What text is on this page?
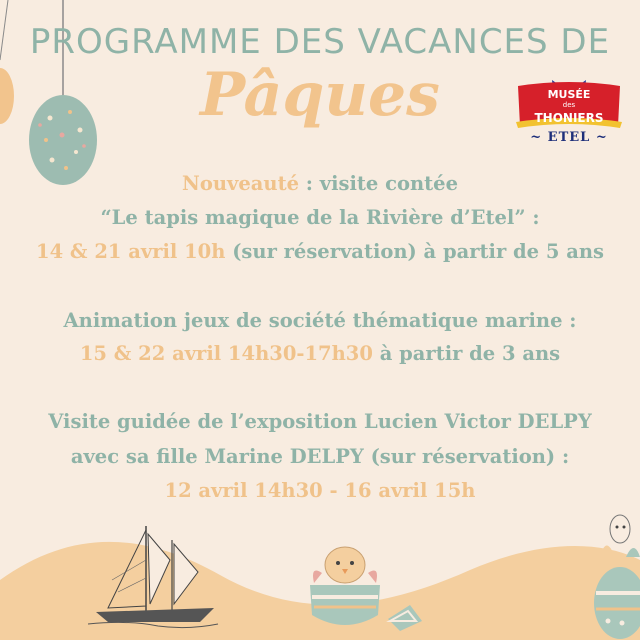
PROGRAMME DES VACANCES DE
Pâques	MUSÉE
des
THONIERS
~ ETEL ~
Nouveauté : visite contée
“Le tapis magique de la Rivière d’Etel” :
14 & 21 avril 10h (sur réservation) à partir de 5 ans
Animation jeux de société thématique marine :
15 & 22 avril 14h30-17h30 à partir de 3 ans
Visite guidée de l’exposition Lucien Victor DELPY
avec sa fille Marine DELPY (sur réservation) :
12 avril 14h30 - 16 avril 15h
